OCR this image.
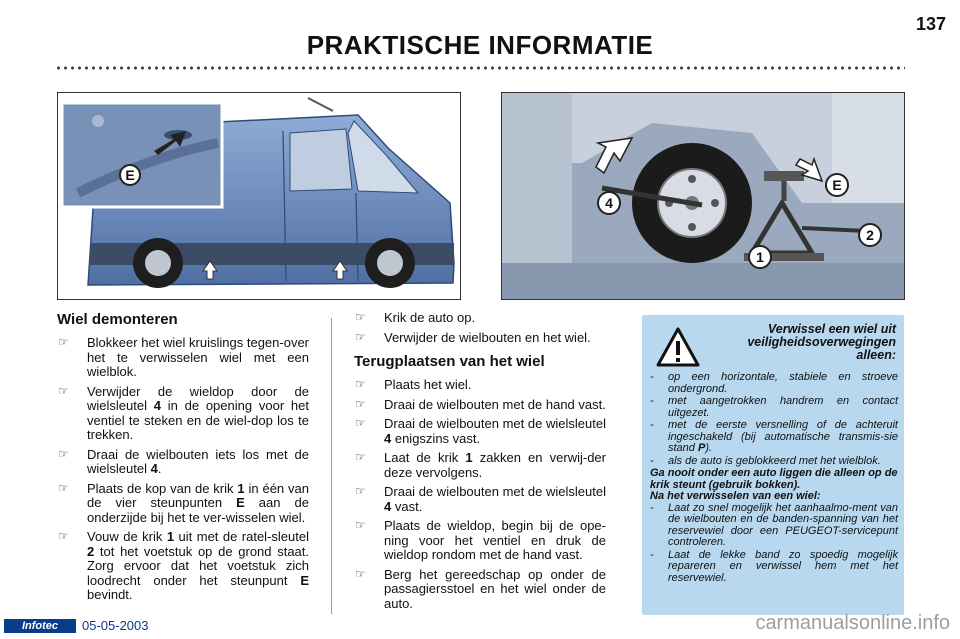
137
PRAKTISCHE INFORMATIE
E
4
E
2
1
Wiel demonteren
☞ Blokkeer het wiel kruislings tegen-over het te verwisselen wiel met een wielblok.
☞ Verwijder de wieldop door de wielsleutel 4 in de opening voor het ventiel te steken en de wiel-dop los te trekken.
☞ Draai de wielbouten iets los met de wielsleutel 4.
☞ Plaats de kop van de krik 1 in één van de vier steunpunten E aan de onderzijde bij het te ver-wisselen wiel.
☞ Vouw de krik 1 uit met de ratel-sleutel 2 tot het voetstuk op de grond staat. Zorg ervoor dat het voetstuk zich loodrecht onder het steunpunt E bevindt.
☞ Krik de auto op.
☞ Verwijder de wielbouten en het wiel.
Terugplaatsen van het wiel
☞ Plaats het wiel.
☞ Draai de wielbouten met de hand vast.
☞ Draai de wielbouten met de wielsleutel 4 enigszins vast.
☞ Laat de krik 1 zakken en verwij-der deze vervolgens.
☞ Draai de wielbouten met de wielsleutel 4 vast.
☞ Plaats de wieldop, begin bij de ope-ning voor het ventiel en druk de wieldop rondom met de hand vast.
☞ Berg het gereedschap op onder de passagiersstoel en het wiel onder de auto.
Verwissel een wiel uit veiligheidsoverwegingen alleen:
- op een horizontale, stabiele en stroeve ondergrond.
- met aangetrokken handrem en contact uitgezet.
- met de eerste versnelling of de achteruit ingeschakeld (bij automatische transmis-sie stand P).
- als de auto is geblokkeerd met het wielblok.
Ga nooit onder een auto liggen die alleen op de krik steunt (gebruik bokken).
Na het verwisselen van een wiel:
- Laat zo snel mogelijk het aanhaalmo-ment van de wielbouten en de banden-spanning van het reservewiel door een PEUGEOT-servicepunt controleren.
- Laat de lekke band zo spoedig mogelijk repareren en verwissel hem met het reservewiel.
Infotec	05-05-2003	carmanualsonline.info
